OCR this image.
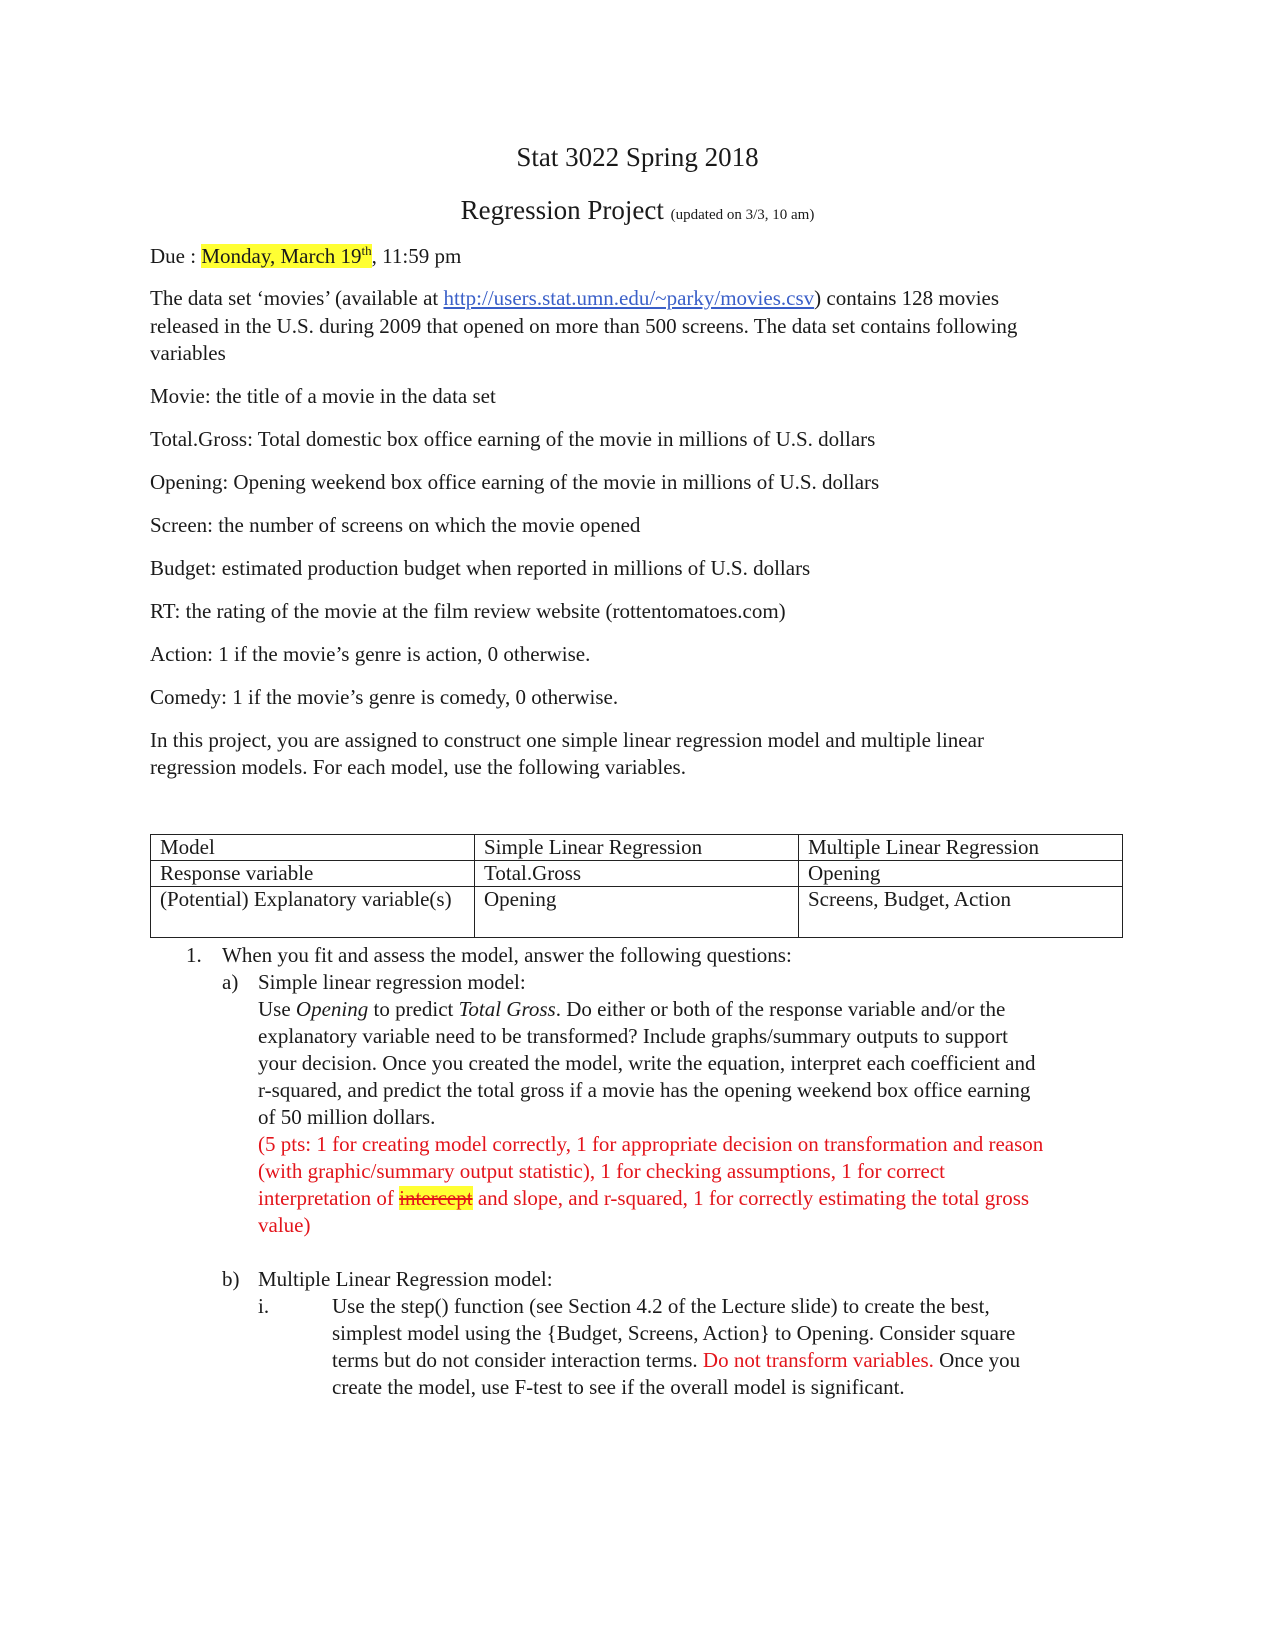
Stat 3022 Spring 2018
Regression Project (updated on 3/3, 10 am)
Due : Monday, March 19th, 11:59 pm
The data set ‘movies’ (available at http://users.stat.umn.edu/~parky/movies.csv) contains 128 movies
released in the U.S. during 2009 that opened on more than 500 screens. The data set contains following
variables
Movie: the title of a movie in the data set
Total.Gross: Total domestic box office earning of the movie in millions of U.S. dollars
Opening: Opening weekend box office earning of the movie in millions of U.S. dollars
Screen: the number of screens on which the movie opened
Budget: estimated production budget when reported in millions of U.S. dollars
RT: the rating of the movie at the film review website (rottentomatoes.com)
Action: 1 if the movie’s genre is action, 0 otherwise.
Comedy: 1 if the movie’s genre is comedy, 0 otherwise.
In this project, you are assigned to construct one simple linear regression model and multiple linear
regression models. For each model, use the following variables.
Model	Simple Linear Regression	Multiple Linear Regression
Response variable	Total.Gross	Opening
(Potential) Explanatory variable(s)	Opening	Screens, Budget, Action
1. When you fit and assess the model, answer the following questions:
a) Simple linear regression model:
Use Opening to predict Total Gross. Do either or both of the response variable and/or the
explanatory variable need to be transformed? Include graphs/summary outputs to support
your decision. Once you created the model, write the equation, interpret each coefficient and
r-squared, and predict the total gross if a movie has the opening weekend box office earning
of 50 million dollars.
(5 pts: 1 for creating model correctly, 1 for appropriate decision on transformation and reason
(with graphic/summary output statistic), 1 for checking assumptions, 1 for correct
interpretation of intercept and slope, and r-squared, 1 for correctly estimating the total gross
value)
b) Multiple Linear Regression model:
i.	Use the step() function (see Section 4.2 of the Lecture slide) to create the best,
simplest model using the {Budget, Screens, Action} to Opening. Consider square
terms but do not consider interaction terms. Do not transform variables. Once you
create the model, use F-test to see if the overall model is significant.
